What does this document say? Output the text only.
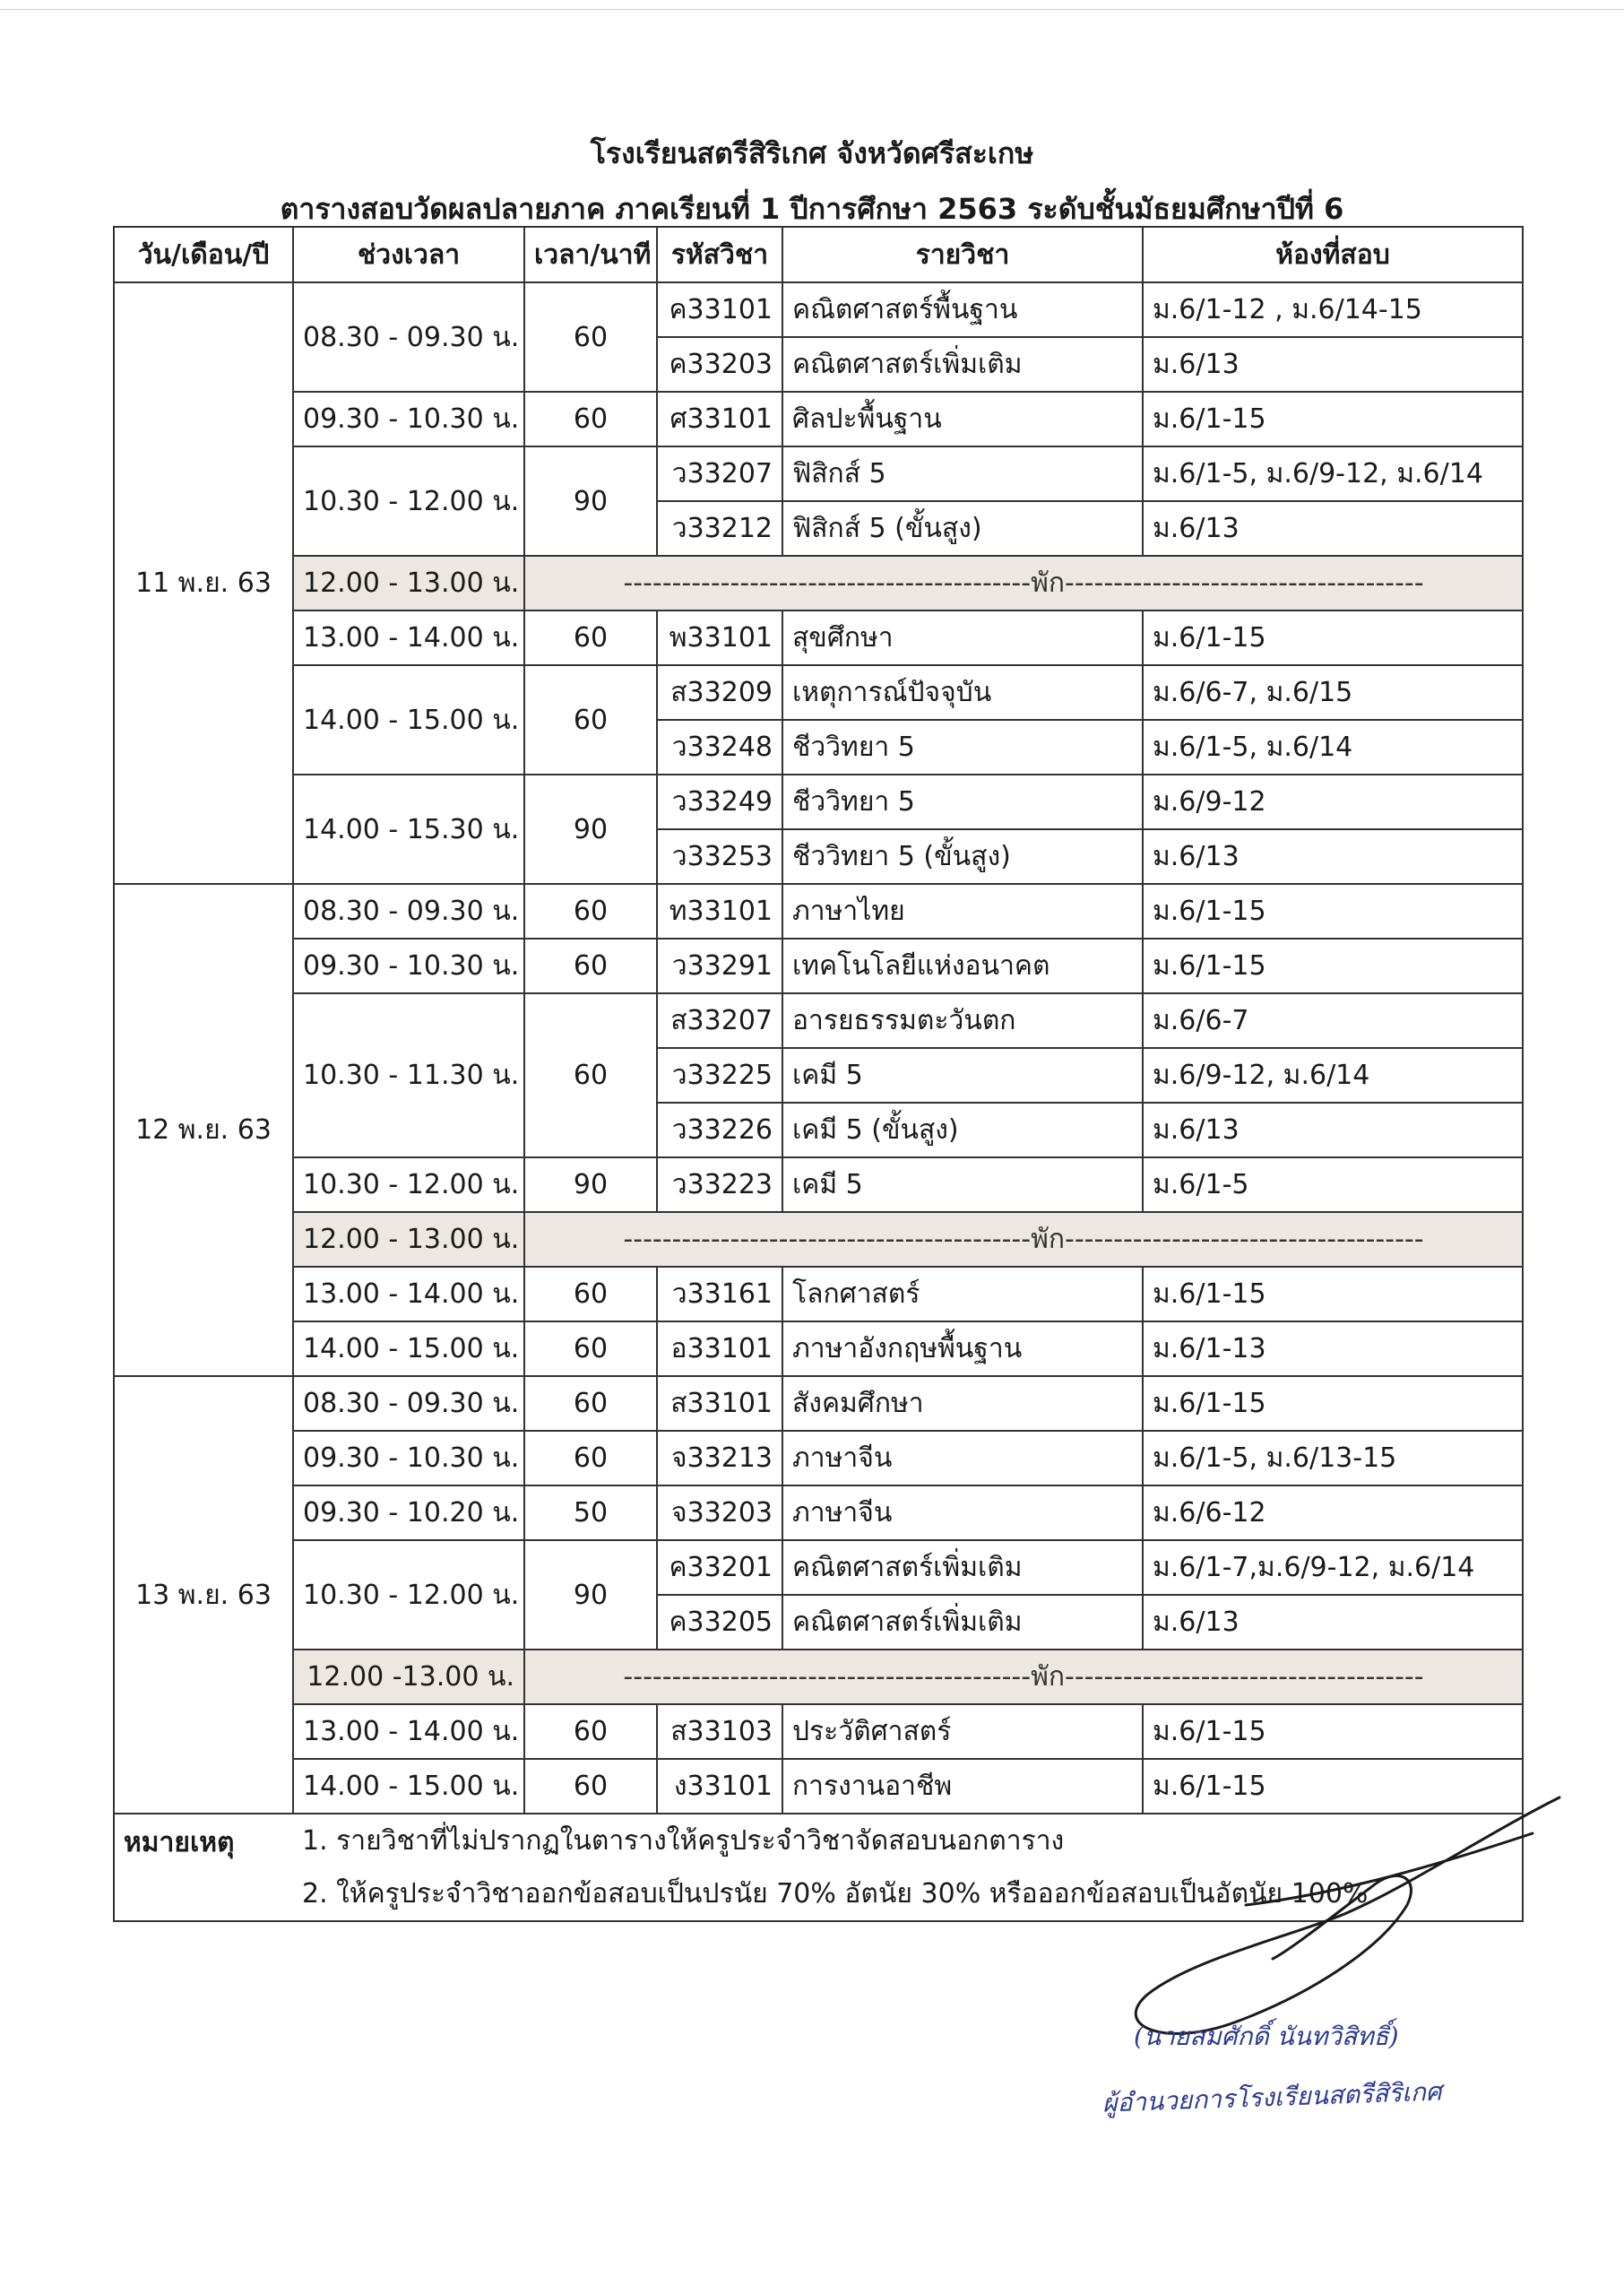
โรงเรียนสตรีสิริเกศ จังหวัดศรีสะเกษ
ตารางสอบวัดผลปลายภาค ภาคเรียนที่ 1 ปีการศึกษา 2563 ระดับชั้นมัธยมศึกษาปีที่ 6
วัน/เดือน/ปี	ช่วงเวลา	เวลา/นาที	รหัสวิชา	รายวิชา	ห้องที่สอบ
11 พ.ย. 63	08.30 - 09.30 น.	60	ค33101	คณิตศาสตร์พื้นฐาน	ม.6/1-12 , ม.6/14-15
			ค33203	คณิตศาสตร์เพิ่มเติม	ม.6/13
	09.30 - 10.30 น.	60	ศ33101	ศิลปะพื้นฐาน	ม.6/1-15
	10.30 - 12.00 น.	90	ว33207	ฟิสิกส์ 5	ม.6/1-5, ม.6/9-12, ม.6/14
			ว33212	ฟิสิกส์ 5 (ขั้นสูง)	ม.6/13
	12.00 - 13.00 น.	------------------------------------------พัก-------------------------------------			
	13.00 - 14.00 น.	60	พ33101	สุขศึกษา	ม.6/1-15
	14.00 - 15.00 น.	60	ส33209	เหตุการณ์ปัจจุบัน	ม.6/6-7, ม.6/15
			ว33248	ชีววิทยา 5	ม.6/1-5, ม.6/14
	14.00 - 15.30 น.	90	ว33249	ชีววิทยา 5	ม.6/9-12
			ว33253	ชีววิทยา 5 (ขั้นสูง)	ม.6/13
12 พ.ย. 63	08.30 - 09.30 น.	60	ท33101	ภาษาไทย	ม.6/1-15
	09.30 - 10.30 น.	60	ว33291	เทคโนโลยีแห่งอนาคต	ม.6/1-15
	10.30 - 11.30 น.	60	ส33207	อารยธรรมตะวันตก	ม.6/6-7
			ว33225	เคมี 5	ม.6/9-12, ม.6/14
			ว33226	เคมี 5 (ขั้นสูง)	ม.6/13
	10.30 - 12.00 น.	90	ว33223	เคมี 5	ม.6/1-5
	12.00 - 13.00 น.	------------------------------------------พัก-------------------------------------			
	13.00 - 14.00 น.	60	ว33161	โลกศาสตร์	ม.6/1-15
	14.00 - 15.00 น.	60	อ33101	ภาษาอังกฤษพื้นฐาน	ม.6/1-13
13 พ.ย. 63	08.30 - 09.30 น.	60	ส33101	สังคมศึกษา	ม.6/1-15
	09.30 - 10.30 น.	60	จ33213	ภาษาจีน	ม.6/1-5, ม.6/13-15
	09.30 - 10.20 น.	50	จ33203	ภาษาจีน	ม.6/6-12
	10.30 - 12.00 น.	90	ค33201	คณิตศาสตร์เพิ่มเติม	ม.6/1-7,ม.6/9-12, ม.6/14
			ค33205	คณิตศาสตร์เพิ่มเติม	ม.6/13
	12.00 -13.00 น.	------------------------------------------พัก-------------------------------------			
	13.00 - 14.00 น.	60	ส33103	ประวัติศาสตร์	ม.6/1-15
	14.00 - 15.00 น.	60	ง33101	การงานอาชีพ	ม.6/1-15
หมายเหตุ	1. รายวิชาที่ไม่ปรากฏในตารางให้ครูประจำวิชาจัดสอบนอกตาราง				
	2. ให้ครูประจำวิชาออกข้อสอบเป็นปรนัย 70% อัตนัย 30% หรือออกข้อสอบเป็นอัตนัย 100%				
(นายสมศักดิ์ นันทวิสิทธิ์)
ผู้อำนวยการโรงเรียนสตรีสิริเกศ
